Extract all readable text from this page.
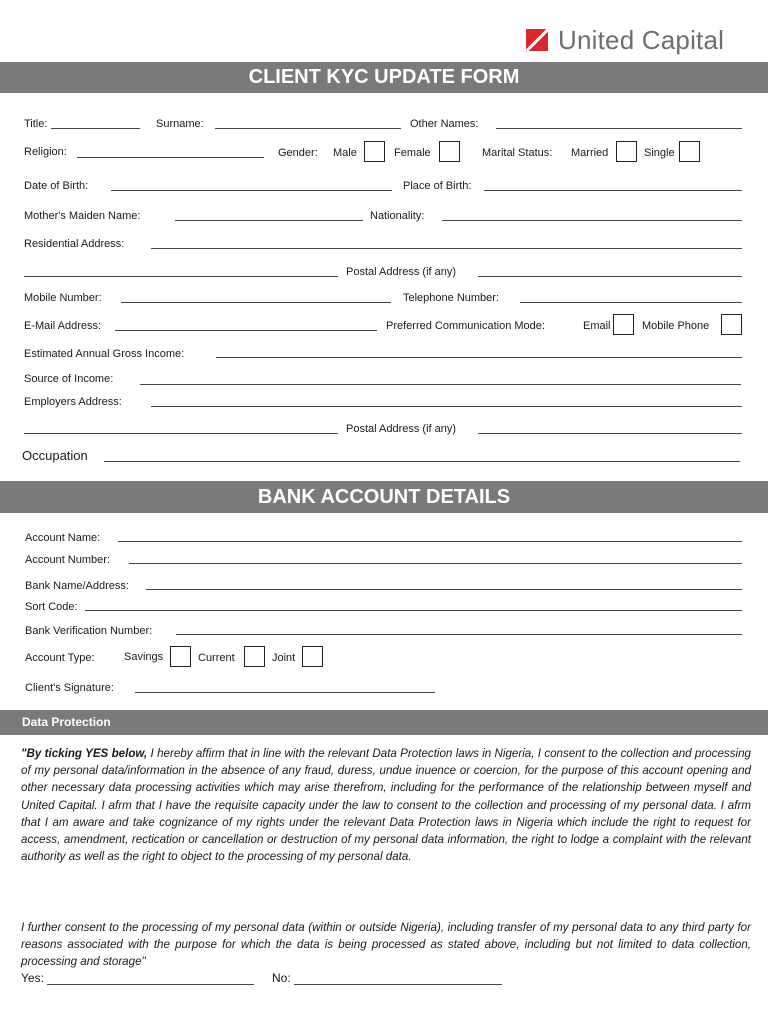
United Capital
CLIENT KYC UPDATE FORM
Title:	Surname:	Other Names:
Religion:	Gender: Male	Female	Marital Status: Married	Single
Date of Birth:	Place of Birth:
Mother's Maiden Name:	Nationality:
Residential Address:
Postal Address (if any)
Mobile Number:	Telephone Number:
E-Mail Address:	Preferred Communication Mode:	Email	Mobile Phone
Estimated Annual Gross Income:
Source of Income:
Employers Address:
Postal Address (if any)
Occupation
BANK ACCOUNT DETAILS
Account Name:
Account Number:
Bank Name/Address:
Sort Code:
Bank Verification Number:
Account Type:	Savings	Current	Joint
Client's Signature:
Data Protection
"By ticking YES below, I hereby affirm that in line with the relevant Data Protection laws in Nigeria, I consent to the collection and processing of my personal data/information in the absence of any fraud, duress, undue inuence or coercion, for the purpose of this account opening and other necessary data processing activities which may arise therefrom, including for the performance of the relationship between myself and United Capital. I afrm that I have the requisite capacity under the law to consent to the collection and processing of my personal data. I afrm that I am aware and take cognizance of my rights under the relevant Data Protection laws in Nigeria which include the right to request for access, amendment, rectication or cancellation or destruction of my personal data information, the right to lodge a complaint with the relevant authority as well as the right to object to the processing of my personal data.
I further consent to the processing of my personal data (within or outside Nigeria), including transfer of my personal data to any third party for reasons associated with the purpose for which the data is being processed as stated above, including but not limited to data collection, processing and storage"
Yes:	No:
